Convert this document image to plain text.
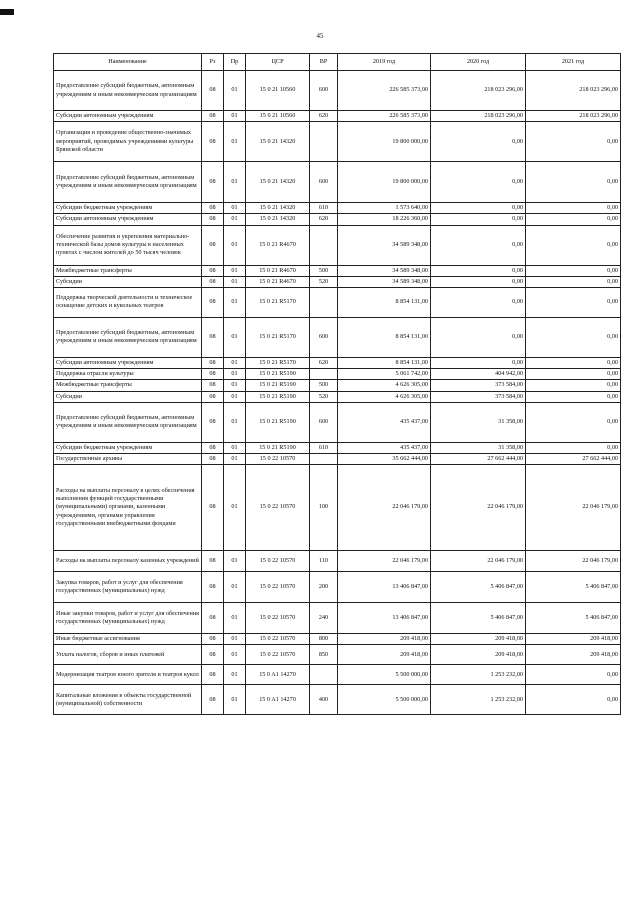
45
Наименование	Рз	Пр	ЦСР	ВР	2019 год	2020 год	2021 год
Предоставление субсидий бюджетным, автономным учреждениям и иным некоммерческим организациям	08	01	15 0 21 10560	600	226 585 373,00	218 023 296,00	218 023 296,00
Субсидии автономным учреждениям	08	01	15 0 21 10560	620	226 585 373,00	218 023 296,00	218 023 296,00
Организация и проведение общественно-значимых мероприятий, проводимых учреждениями культуры Брянской области	08	01	15 0 21 14320		19 800 000,00	0,00	0,00
Предоставление субсидий бюджетным, автономным учреждениям и иным некоммерческим организациям	08	01	15 0 21 14320	600	19 800 000,00	0,00	0,00
Субсидии бюджетным учреждениям	08	01	15 0 21 14320	610	1 573 640,00	0,00	0,00
Субсидии автономным учреждениям	08	01	15 0 21 14320	620	18 226 360,00	0,00	0,00
Обеспечение развития и укрепления материально-технической базы домов культуры в населенных пунктах с числом жителей до 50 тысяч человек	08	01	15 0 21 R4670		34 589 348,00	0,00	0,00
Межбюджетные трансферты	08	01	15 0 21 R4670	500	34 589 348,00	0,00	0,00
Субсидии	08	01	15 0 21 R4670	520	34 589 348,00	0,00	0,00
Поддержка творческой деятельности и техническое оснащение детских и кукольных театров	08	01	15 0 21 R5170		8 854 131,00	0,00	0,00
Предоставление субсидий бюджетным, автономным учреждениям и иным некоммерческим организациям	08	01	15 0 21 R5170	600	8 854 131,00	0,00	0,00
Субсидии автономным учреждениям	08	01	15 0 21 R5170	620	8 854 131,00	0,00	0,00
Поддержка отрасли культуры	08	01	15 0 21 R5190		5 061 742,00	404 942,00	0,00
Межбюджетные трансферты	08	01	15 0 21 R5190	500	4 626 305,00	373 584,00	0,00
Субсидии	08	01	15 0 21 R5190	520	4 626 305,00	373 584,00	0,00
Предоставление субсидий бюджетным, автономным учреждениям и иным некоммерческим организациям	08	01	15 0 21 R5190	600	435 437,00	31 358,00	0,00
Субсидии бюджетным учреждениям	08	01	15 0 21 R5190	610	435 437,00	31 358,00	0,00
Государственные архивы	08	01	15 0 22 10570		35 662 444,00	27 662 444,00	27 662 444,00
Расходы на выплаты персоналу в целях обеспечения выполнения функций государственными (муниципальными) органами, казенными учреждениями, органами управления государственными внебюджетными фондами	08	01	15 0 22 10570	100	22 046 179,00	22 046 179,00	22 046 179,00
Расходы на выплаты персоналу казенных учреждений	08	01	15 0 22 10570	110	22 046 179,00	22 046 179,00	22 046 179,00
Закупка товаров, работ и услуг для обеспечения государственных (муниципальных) нужд	08	01	15 0 22 10570	200	13 406 847,00	5 406 847,00	5 406 847,00
Иные закупки товаров, работ и услуг для обеспечения государственных (муниципальных) нужд	08	01	15 0 22 10570	240	13 406 847,00	5 406 847,00	5 406 847,00
Иные бюджетные ассигнования	08	01	15 0 22 10570	800	209 418,00	209 418,00	209 418,00
Уплата налогов, сборов и иных платежей	08	01	15 0 22 10570	850	209 418,00	209 418,00	209 418,00
Модернизация театров юного зрителя и театров кукол	08	01	15 0 A1 14270		5 500 000,00	1 253 232,00	0,00
Капитальные вложения в объекты государственной (муниципальной) собственности	08	01	15 0 A1 14270	400	5 500 000,00	1 253 232,00	0,00
